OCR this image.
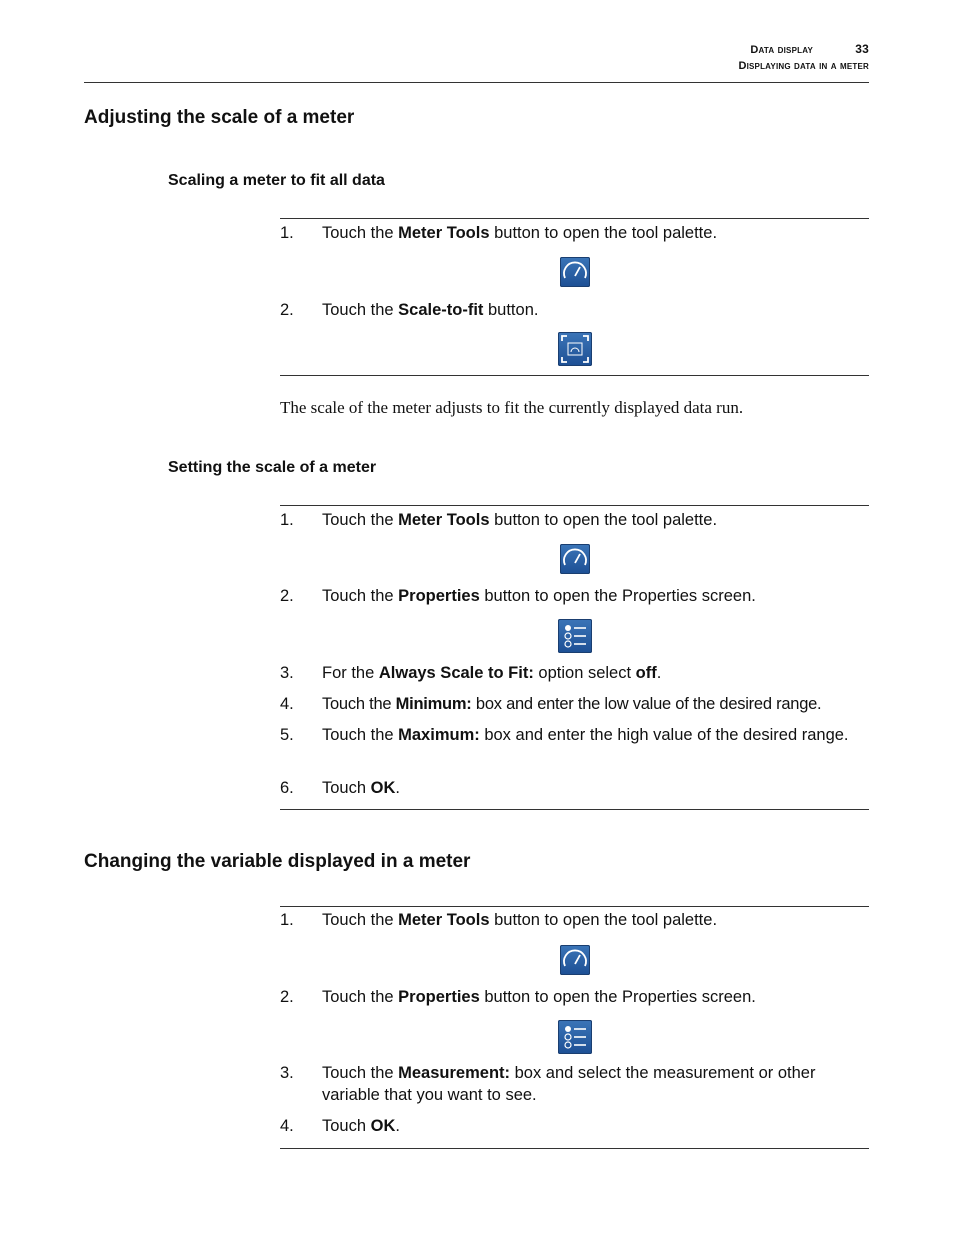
Data display
Displaying data in a meter
33
Adjusting the scale of a meter
Scaling a meter to fit all data
1. Touch the Meter Tools button to open the tool palette.
2. Touch the Scale-to-fit button.

The scale of the meter adjusts to fit the currently displayed data run.

Setting the scale of a meter
1. Touch the Meter Tools button to open the tool palette.
2. Touch the Properties button to open the Properties screen.
3. For the Always Scale to Fit: option select off.
4. Touch the Minimum: box and enter the low value of the desired range.
5. Touch the Maximum: box and enter the high value of the desired range.
6. Touch OK.
Changing the variable displayed in a meter
1. Touch the Meter Tools button to open the tool palette.
2. Touch the Properties button to open the Properties screen.
3. Touch the Measurement: box and select the measurement or other variable that you want to see.
4. Touch OK.
